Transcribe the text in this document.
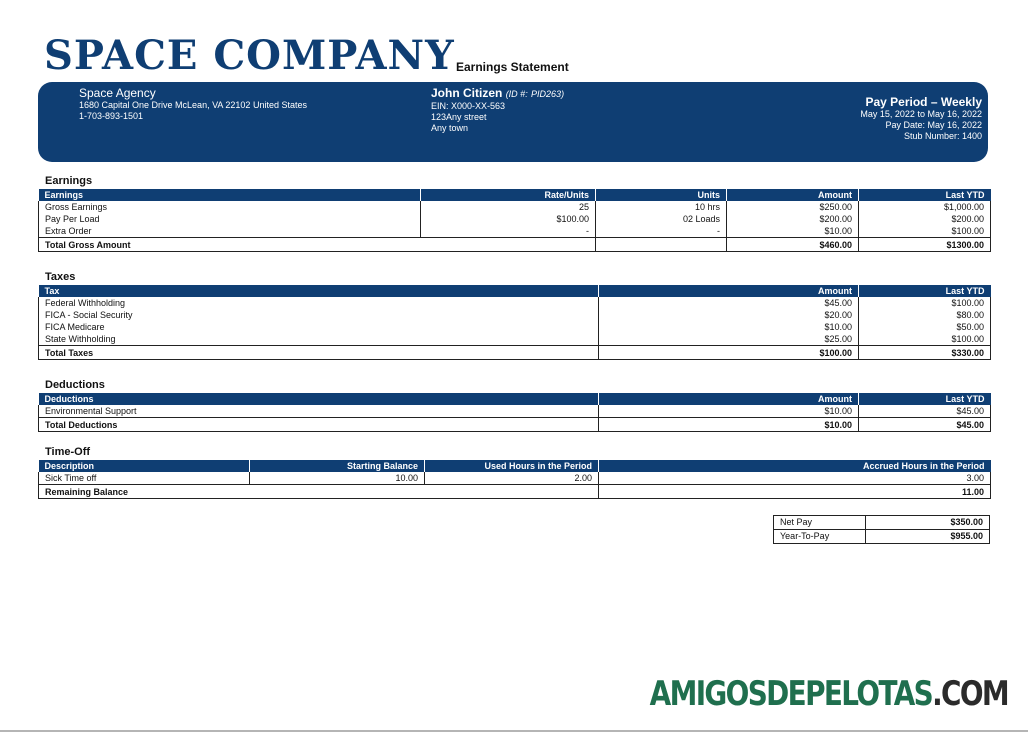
SPACE COMPANY Earnings Statement
Space Agency
1680 Capital One Drive McLean, VA 22102 United States
1-703-893-1501
John Citizen (ID #: PID263)
EIN: X000-XX-563
123Any street
Any town
Pay Period – Weekly
May 15, 2022 to May 16, 2022
Pay Date: May 16, 2022
Stub Number: 1400
Earnings
Earnings	Rate/Units	Units	Amount	Last YTD
Gross Earnings	25	10 hrs	$250.00	$1,000.00
Pay Per Load	$100.00	02 Loads	$200.00	$200.00
Extra Order	-	-	$10.00	$100.00
Total Gross Amount			$460.00	$1300.00
Taxes
Tax	Amount	Last YTD
Federal Withholding	$45.00	$100.00
FICA - Social Security	$20.00	$80.00
FICA Medicare	$10.00	$50.00
State Withholding	$25.00	$100.00
Total Taxes	$100.00	$330.00
Deductions
Deductions	Amount	Last YTD
Environmental Support	$10.00	$45.00
Total Deductions	$10.00	$45.00
Time-Off
Description	Starting Balance	Used Hours in the Period	Accrued Hours in the Period
Sick Time off	10.00	2.00	3.00
Remaining Balance			11.00
Net Pay	$350.00
Year-To-Pay	$955.00
AMIGOSDEPELOTAS.COM
